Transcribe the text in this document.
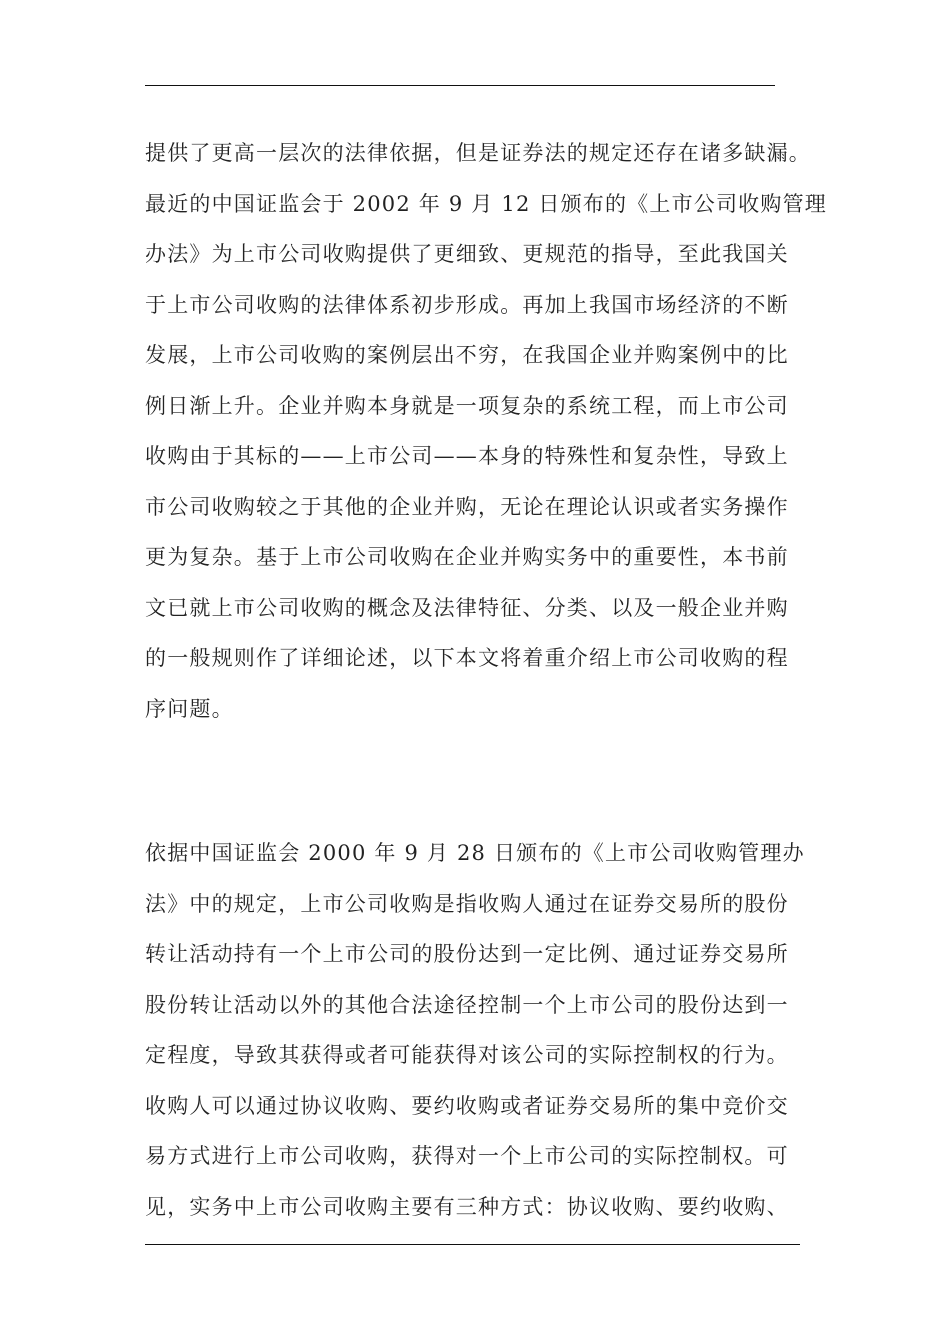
提供了更高一层次的法律依据，但是证券法的规定还存在诸多缺漏。
最近的中国证监会于 2002 年 9 月 12 日颁布的《上市公司收购管理
办法》为上市公司收购提供了更细致、更规范的指导，至此我国关
于上市公司收购的法律体系初步形成。再加上我国市场经济的不断
发展，上市公司收购的案例层出不穷，在我国企业并购案例中的比
例日渐上升。企业并购本身就是一项复杂的系统工程，而上市公司
收购由于其标的——上市公司——本身的特殊性和复杂性，导致上
市公司收购较之于其他的企业并购，无论在理论认识或者实务操作
更为复杂。基于上市公司收购在企业并购实务中的重要性，本书前
文已就上市公司收购的概念及法律特征、分类、以及一般企业并购
的一般规则作了详细论述，以下本文将着重介绍上市公司收购的程
序问题。
依据中国证监会 2000 年 9 月 28 日颁布的《上市公司收购管理办
法》中的规定，上市公司收购是指收购人通过在证券交易所的股份
转让活动持有一个上市公司的股份达到一定比例、通过证券交易所
股份转让活动以外的其他合法途径控制一个上市公司的股份达到一
定程度，导致其获得或者可能获得对该公司的实际控制权的行为。
收购人可以通过协议收购、要约收购或者证券交易所的集中竞价交
易方式进行上市公司收购，获得对一个上市公司的实际控制权。可
见，实务中上市公司收购主要有三种方式：协议收购、要约收购、
